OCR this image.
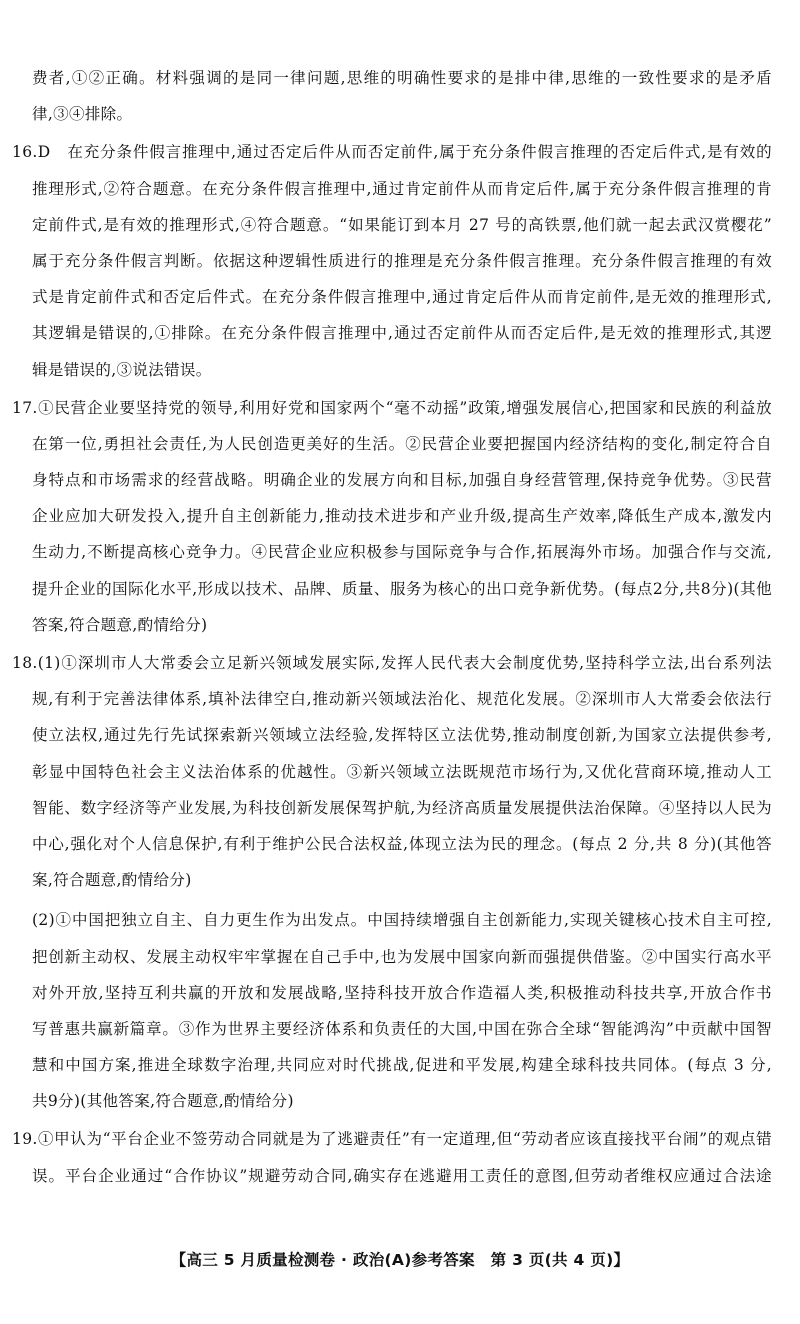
费者,①②正确。材料强调的是同一律问题,思维的明确性要求的是排中律,思维的一致性要求的是矛盾
律,③④排除。
16.D　在充分条件假言推理中,通过否定后件从而否定前件,属于充分条件假言推理的否定后件式,是有效的
推理形式,②符合题意。在充分条件假言推理中,通过肯定前件从而肯定后件,属于充分条件假言推理的肯
定前件式,是有效的推理形式,④符合题意。“如果能订到本月 27 号的高铁票,他们就一起去武汉赏樱花”
属于充分条件假言判断。依据这种逻辑性质进行的推理是充分条件假言推理。充分条件假言推理的有效
式是肯定前件式和否定后件式。在充分条件假言推理中,通过肯定后件从而肯定前件,是无效的推理形式,
其逻辑是错误的,①排除。在充分条件假言推理中,通过否定前件从而否定后件,是无效的推理形式,其逻
辑是错误的,③说法错误。
17.①民营企业要坚持党的领导,利用好党和国家两个“毫不动摇”政策,增强发展信心,把国家和民族的利益放
在第一位,勇担社会责任,为人民创造更美好的生活。②民营企业要把握国内经济结构的变化,制定符合自
身特点和市场需求的经营战略。明确企业的发展方向和目标,加强自身经营管理,保持竞争优势。③民营
企业应加大研发投入,提升自主创新能力,推动技术进步和产业升级,提高生产效率,降低生产成本,激发内
生动力,不断提高核心竞争力。④民营企业应积极参与国际竞争与合作,拓展海外市场。加强合作与交流,
提升企业的国际化水平,形成以技术、品牌、质量、服务为核心的出口竞争新优势。(每点2分,共8分)(其他
答案,符合题意,酌情给分)
18.(1)①深圳市人大常委会立足新兴领域发展实际,发挥人民代表大会制度优势,坚持科学立法,出台系列法
规,有利于完善法律体系,填补法律空白,推动新兴领域法治化、规范化发展。②深圳市人大常委会依法行
使立法权,通过先行先试探索新兴领域立法经验,发挥特区立法优势,推动制度创新,为国家立法提供参考,
彰显中国特色社会主义法治体系的优越性。③新兴领域立法既规范市场行为,又优化营商环境,推动人工
智能、数字经济等产业发展,为科技创新发展保驾护航,为经济高质量发展提供法治保障。④坚持以人民为
中心,强化对个人信息保护,有利于维护公民合法权益,体现立法为民的理念。(每点 2 分,共 8 分)(其他答
案,符合题意,酌情给分)
(2)①中国把独立自主、自力更生作为出发点。中国持续增强自主创新能力,实现关键核心技术自主可控,
把创新主动权、发展主动权牢牢掌握在自己手中,也为发展中国家向新而强提供借鉴。②中国实行高水平
对外开放,坚持互利共赢的开放和发展战略,坚持科技开放合作造福人类,积极推动科技共享,开放合作书
写普惠共赢新篇章。③作为世界主要经济体系和负责任的大国,中国在弥合全球“智能鸿沟”中贡献中国智
慧和中国方案,推进全球数字治理,共同应对时代挑战,促进和平发展,构建全球科技共同体。(每点 3 分,
共9分)(其他答案,符合题意,酌情给分)
19.①甲认为“平台企业不签劳动合同就是为了逃避责任”有一定道理,但“劳动者应该直接找平台闹”的观点错
误。平台企业通过“合作协议”规避劳动合同,确实存在逃避用工责任的意图,但劳动者维权应通过合法途
【高三 5 月质量检测卷 · 政治(A)参考答案　第 3 页(共 4 页)】
